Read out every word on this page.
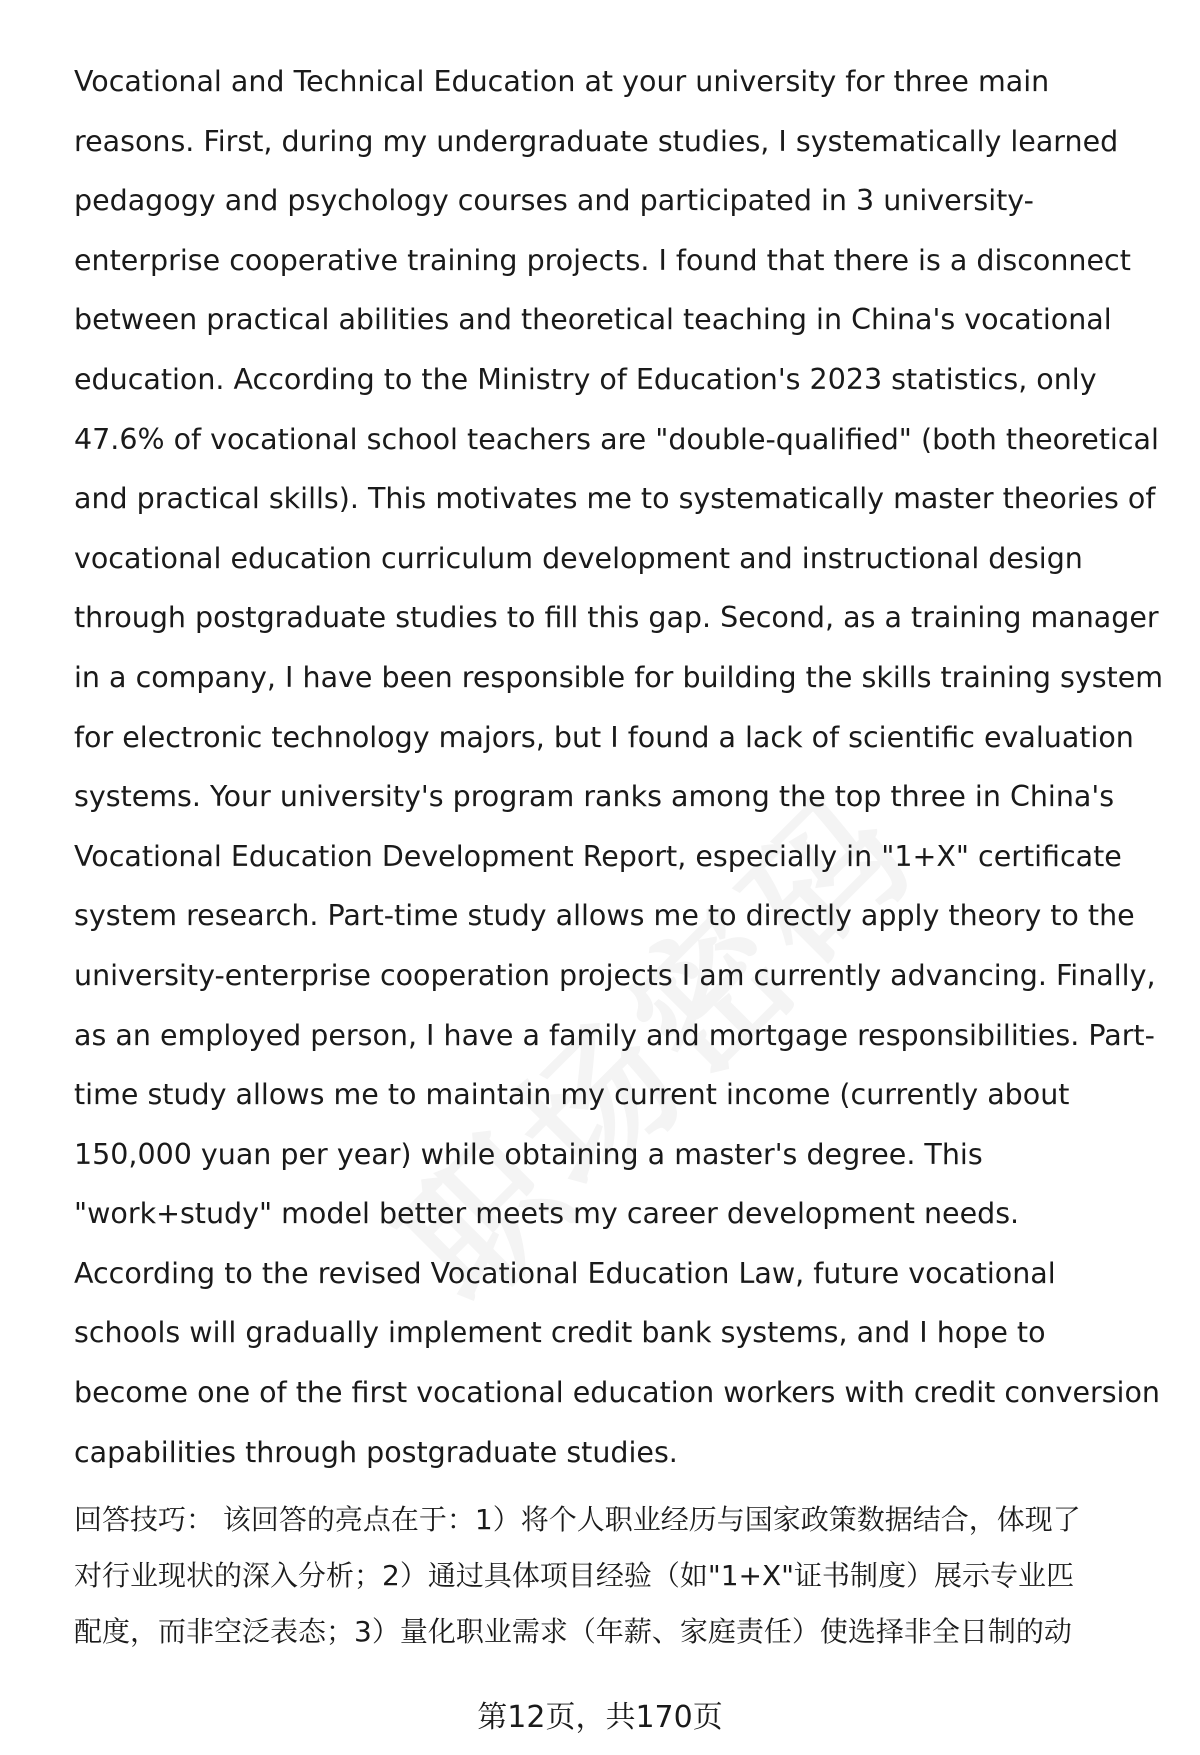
Vocational and Technical Education at your university for three main
reasons. First, during my undergraduate studies, I systematically learned
pedagogy and psychology courses and participated in 3 university-
enterprise cooperative training projects. I found that there is a disconnect
between practical abilities and theoretical teaching in China's vocational
education. According to the Ministry of Education's 2023 statistics, only
47.6% of vocational school teachers are "double-qualified" (both theoretical
and practical skills). This motivates me to systematically master theories of
vocational education curriculum development and instructional design
through postgraduate studies to fill this gap. Second, as a training manager
in a company, I have been responsible for building the skills training system
for electronic technology majors, but I found a lack of scientific evaluation
systems. Your university's program ranks among the top three in China's
Vocational Education Development Report, especially in "1+X" certificate
system research. Part-time study allows me to directly apply theory to the
university-enterprise cooperation projects I am currently advancing. Finally,
as an employed person, I have a family and mortgage responsibilities. Part-
time study allows me to maintain my current income (currently about
150,000 yuan per year) while obtaining a master's degree. This
"work+study" model better meets my career development needs.
According to the revised Vocational Education Law, future vocational
schools will gradually implement credit bank systems, and I hope to
become one of the first vocational education workers with credit conversion
capabilities through postgraduate studies.

回答技巧： 该回答的亮点在于：1）将个人职业经历与国家政策数据结合，体现了
对行业现状的深入分析；2）通过具体项目经验（如"1+X"证书制度）展示专业匹
配度，而非空泛表态；3）量化职业需求（年薪、家庭责任）使选择非全日制的动

第12页，共170页
